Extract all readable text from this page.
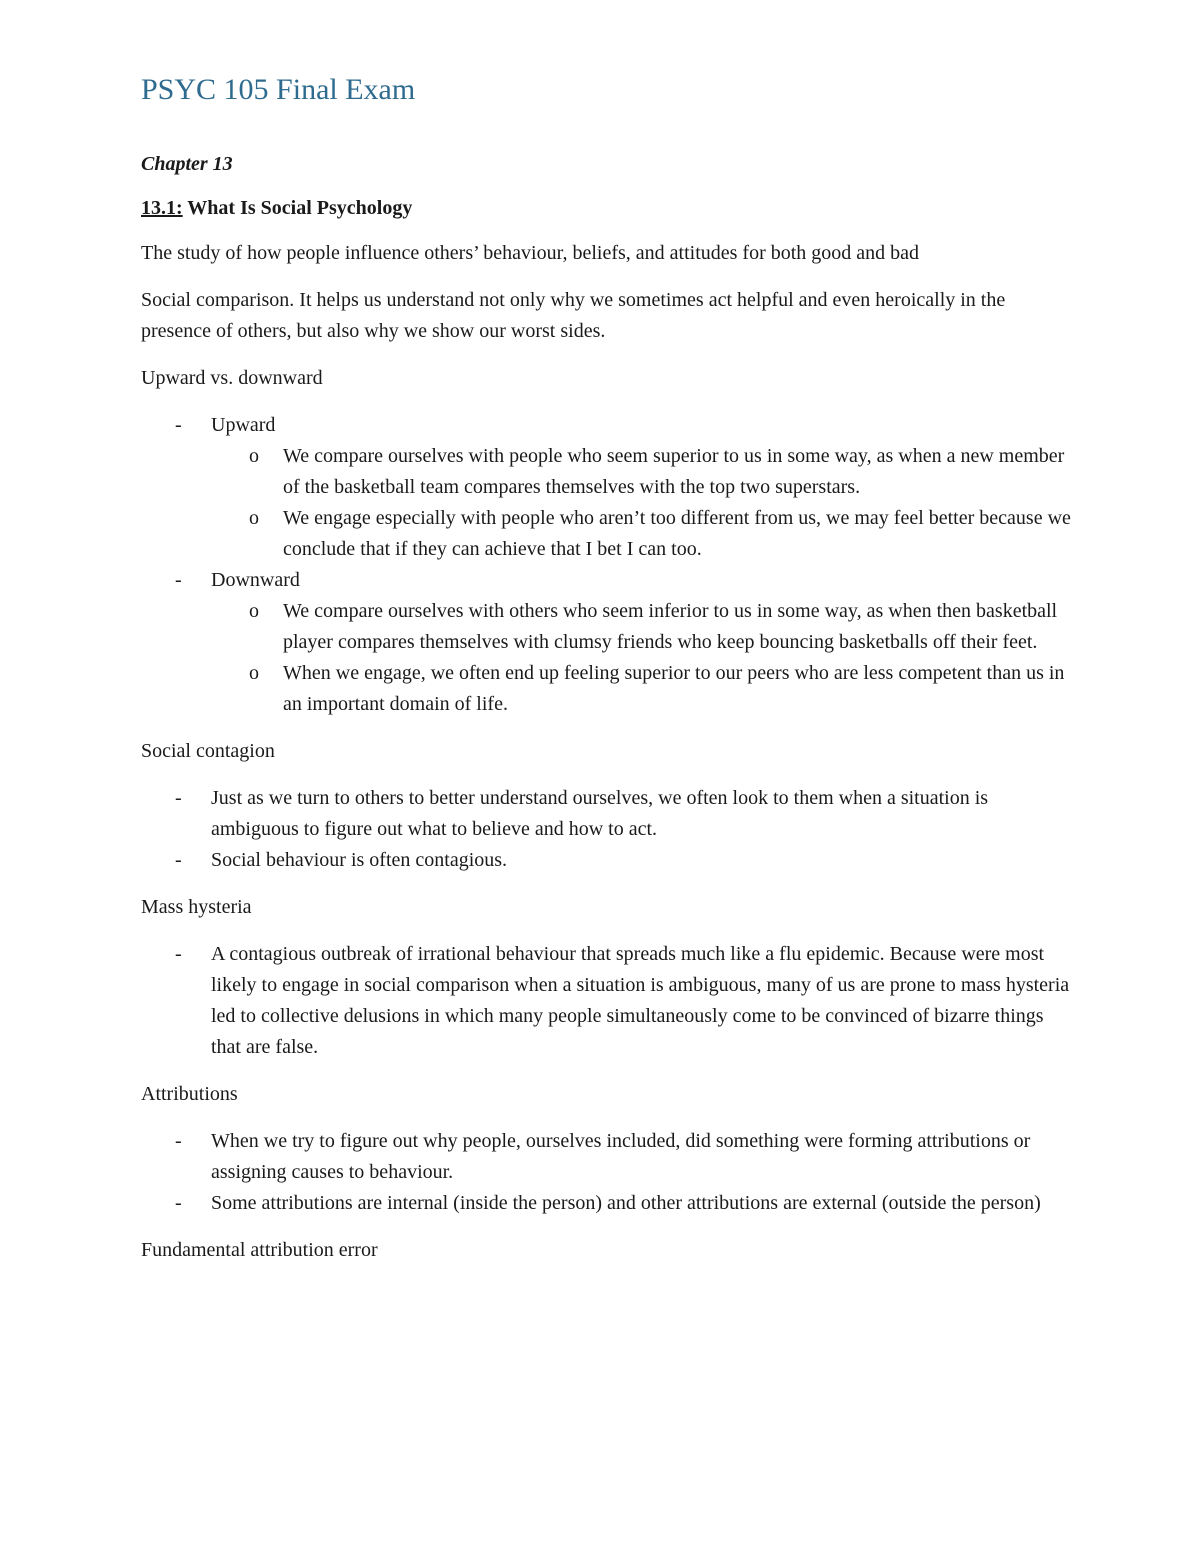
PSYC 105 Final Exam
Chapter 13
13.1: What Is Social Psychology

The study of how people influence others’ behaviour, beliefs, and attitudes for both good and bad

Social comparison. It helps us understand not only why we sometimes act helpful and even heroically in the presence of others, but also why we show our worst sides.

Upward vs. downward

- Upward
o We compare ourselves with people who seem superior to us in some way, as when a new member of the basketball team compares themselves with the top two superstars.
o We engage especially with people who aren’t too different from us, we may feel better because we conclude that if they can achieve that I bet I can too.
- Downward
o We compare ourselves with others who seem inferior to us in some way, as when then basketball player compares themselves with clumsy friends who keep bouncing basketballs off their feet.
o When we engage, we often end up feeling superior to our peers who are less competent than us in an important domain of life.

Social contagion

- Just as we turn to others to better understand ourselves, we often look to them when a situation is ambiguous to figure out what to believe and how to act.
- Social behaviour is often contagious.

Mass hysteria

- A contagious outbreak of irrational behaviour that spreads much like a flu epidemic. Because were most likely to engage in social comparison when a situation is ambiguous, many of us are prone to mass hysteria led to collective delusions in which many people simultaneously come to be convinced of bizarre things that are false.

Attributions

- When we try to figure out why people, ourselves included, did something were forming attributions or assigning causes to behaviour.
- Some attributions are internal (inside the person) and other attributions are external (outside the person)

Fundamental attribution error
